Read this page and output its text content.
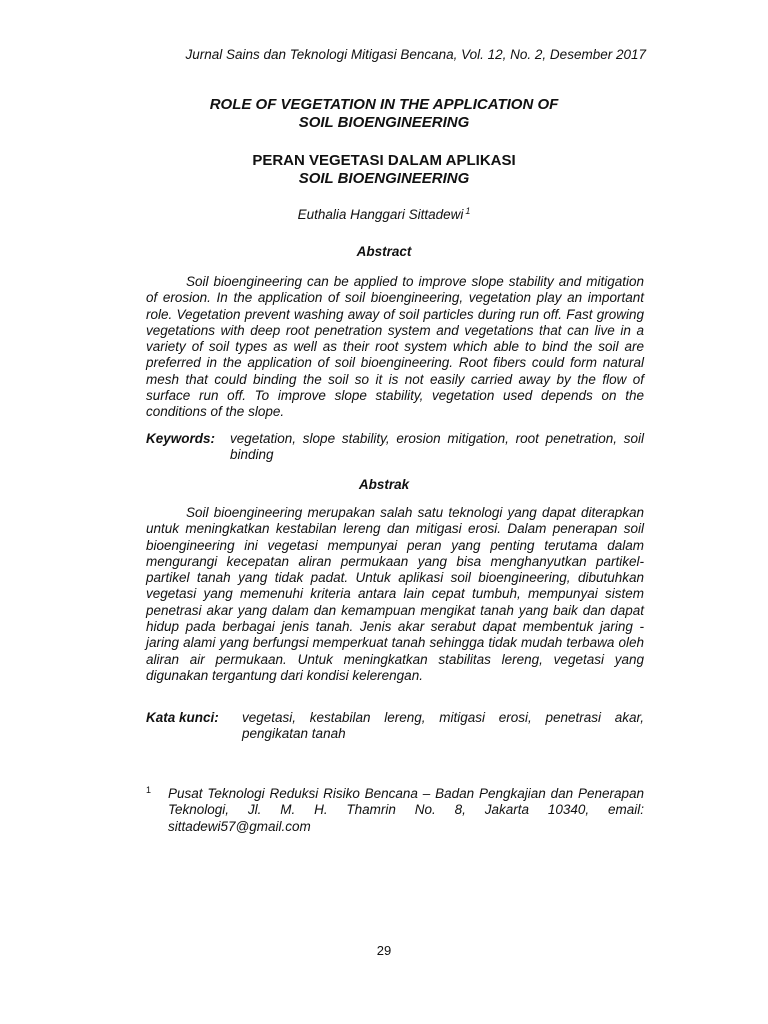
Jurnal Sains dan Teknologi Mitigasi Bencana, Vol. 12, No. 2, Desember 2017
ROLE OF VEGETATION IN THE APPLICATION OF
SOIL BIOENGINEERING
PERAN VEGETASI DALAM APLIKASI
SOIL BIOENGINEERING
Euthalia Hanggari Sittadewi $^1$
Abstract

Soil bioengineering can be applied to improve slope stability and mitigation of erosion. In the application of soil bioengineering, vegetation play an important role. Vegetation prevent washing away of soil particles during run off. Fast growing vegetations with deep root penetration system and vegetations that can live in a variety of soil types as well as their root system which able to bind the soil are preferred in the application of soil bioengineering. Root fibers could form natural mesh that could binding the soil so it is not easily carried away by the flow of surface run off. To improve slope stability, vegetation used depends on the conditions of the slope.

Keywords: vegetation, slope stability, erosion mitigation, root penetration, soil binding
Abstrak

Soil bioengineering merupakan salah satu teknologi yang dapat diterapkan untuk meningkatkan kestabilan lereng dan mitigasi erosi. Dalam penerapan soil bioengineering ini vegetasi mempunyai peran yang penting terutama dalam mengurangi kecepatan aliran permukaan yang bisa menghanyutkan partikel-partikel tanah yang tidak padat. Untuk aplikasi soil bioengineering, dibutuhkan vegetasi yang memenuhi kriteria antara lain cepat tumbuh, mempunyai sistem penetrasi akar yang dalam dan kemampuan mengikat tanah yang baik dan dapat hidup pada berbagai jenis tanah. Jenis akar serabut dapat membentuk jaring - jaring alami yang berfungsi memperkuat tanah sehingga tidak mudah terbawa oleh aliran air permukaan. Untuk meningkatkan stabilitas lereng, vegetasi yang digunakan tergantung dari kondisi kelerengan.

Kata kunci: vegetasi, kestabilan lereng, mitigasi erosi, penetrasi akar, pengikatan tanah
1 Pusat Teknologi Reduksi Risiko Bencana – Badan Pengkajian dan Penerapan Teknologi, Jl. M. H. Thamrin No. 8, Jakarta 10340, email: sittadewi57@gmail.com
29
